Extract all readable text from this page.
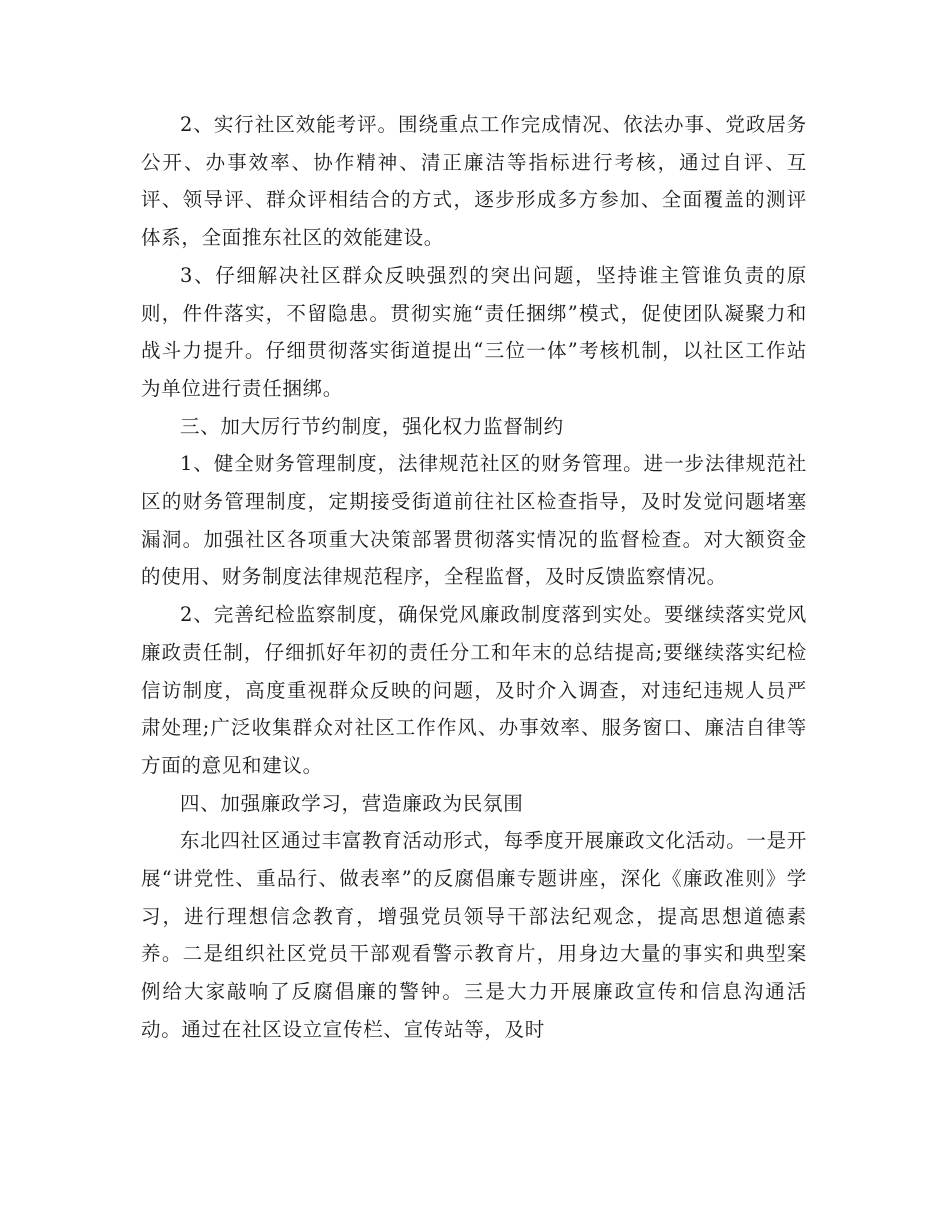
2、实行社区效能考评。围绕重点工作完成情况、依法办事、党政居务公开、办事效率、协作精神、清正廉洁等指标进行考核，通过自评、互评、领导评、群众评相结合的方式，逐步形成多方参加、全面覆盖的测评体系，全面推东社区的效能建设。

3、仔细解决社区群众反映强烈的突出问题，坚持谁主管谁负责的原则，件件落实，不留隐患。贯彻实施“责任捆绑”模式，促使团队凝聚力和战斗力提升。仔细贯彻落实街道提出“三位一体”考核机制，以社区工作站为单位进行责任捆绑。

三、加大厉行节约制度，强化权力监督制约

1、健全财务管理制度，法律规范社区的财务管理。进一步法律规范社区的财务管理制度，定期接受街道前往社区检查指导，及时发觉问题堵塞漏洞。加强社区各项重大决策部署贯彻落实情况的监督检查。对大额资金的使用、财务制度法律规范程序，全程监督，及时反馈监察情况。

2、完善纪检监察制度，确保党风廉政制度落到实处。要继续落实党风廉政责任制，仔细抓好年初的责任分工和年末的总结提高;要继续落实纪检信访制度，高度重视群众反映的问题，及时介入调查，对违纪违规人员严肃处理;广泛收集群众对社区工作作风、办事效率、服务窗口、廉洁自律等方面的意见和建议。

四、加强廉政学习，营造廉政为民氛围

东北四社区通过丰富教育活动形式，每季度开展廉政文化活动。一是开展“讲党性、重品行、做表率”的反腐倡廉专题讲座，深化《廉政准则》学习，进行理想信念教育，增强党员领导干部法纪观念，提高思想道德素养。二是组织社区党员干部观看警示教育片，用身边大量的事实和典型案例给大家敲响了反腐倡廉的警钟。三是大力开展廉政宣传和信息沟通活动。通过在社区设立宣传栏、宣传站等，及时
